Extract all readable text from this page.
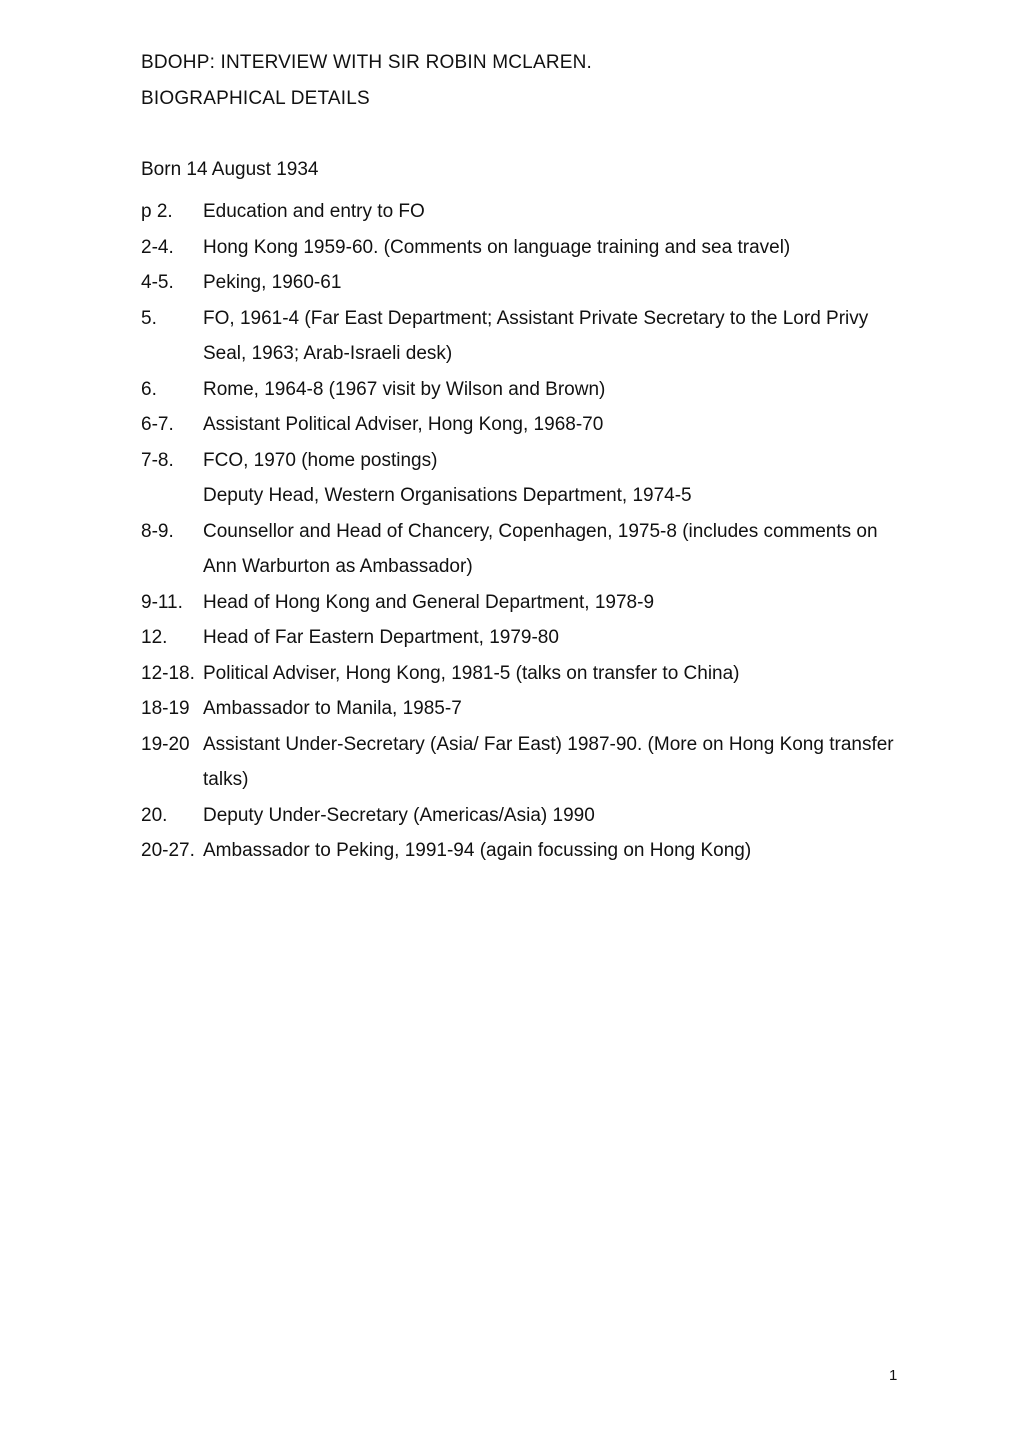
BDOHP: INTERVIEW WITH SIR ROBIN MCLAREN.
BIOGRAPHICAL DETAILS
Born 14 August 1934
p 2.	Education and entry to FO
2-4.	Hong Kong 1959-60. (Comments on language training and sea travel)
4-5.	Peking, 1960-61
5.	FO, 1961-4 (Far East Department; Assistant Private Secretary to the Lord Privy Seal, 1963; Arab-Israeli desk)
6.	Rome, 1964-8 (1967 visit by Wilson and Brown)
6-7.	Assistant Political Adviser, Hong Kong, 1968-70
7-8.	FCO, 1970 (home postings)
Deputy Head, Western Organisations Department, 1974-5
8-9.	Counsellor and Head of Chancery, Copenhagen, 1975-8 (includes comments on Ann Warburton as Ambassador)
9-11.	Head of Hong Kong and General Department, 1978-9
12.	Head of Far Eastern Department, 1979-80
12-18. Political Adviser, Hong Kong, 1981-5 (talks on transfer to China)
18-19 Ambassador to Manila, 1985-7
19-20 Assistant Under-Secretary (Asia/ Far East) 1987-90. (More on Hong Kong transfer talks)
20.	Deputy Under-Secretary (Americas/Asia) 1990
20-27. Ambassador to Peking, 1991-94 (again focussing on Hong Kong)
1
